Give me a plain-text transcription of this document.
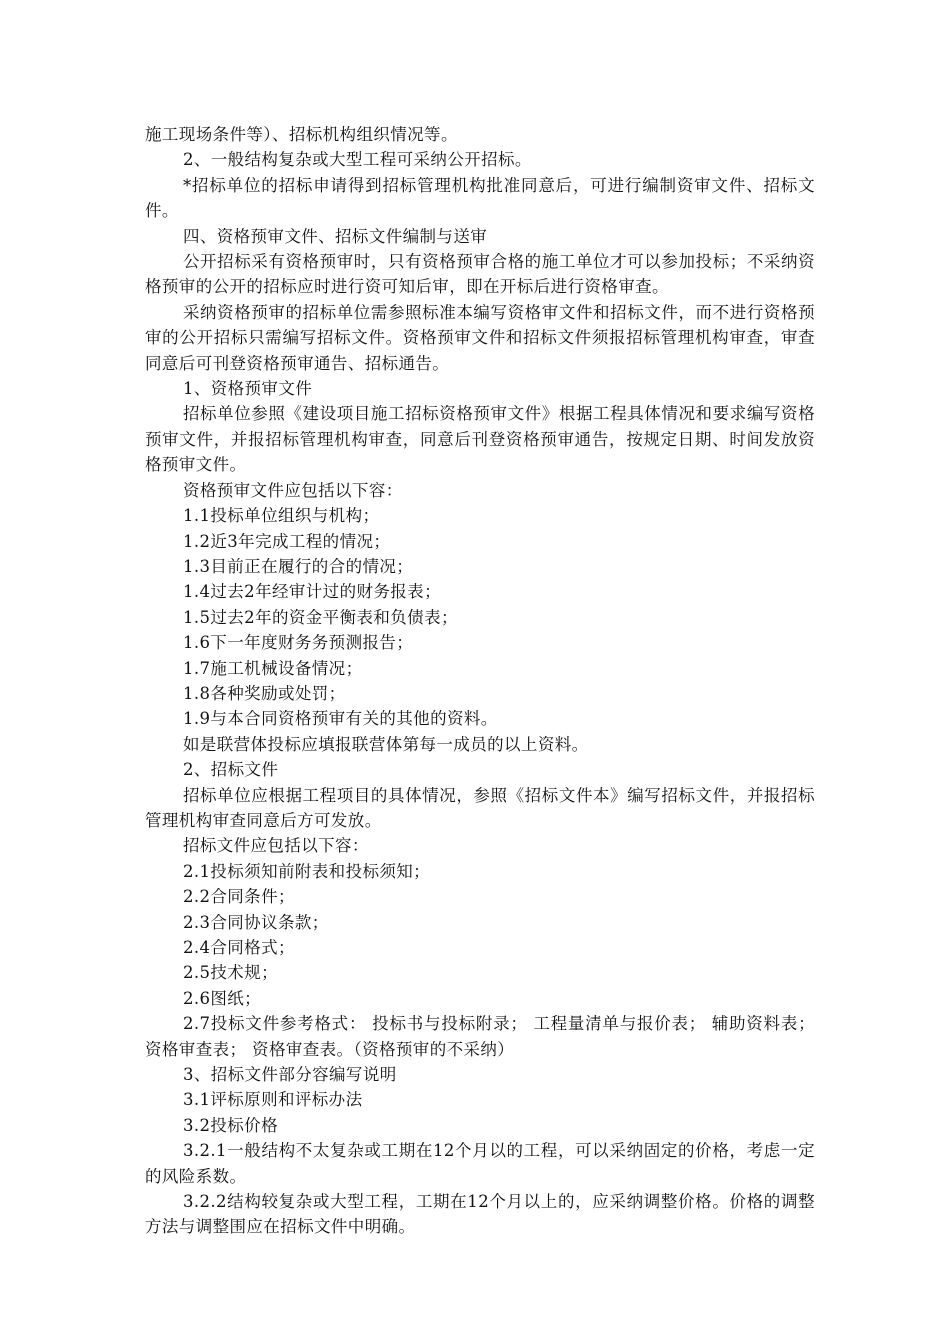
施工现场条件等）、招标机构组织情况等。

2、一般结构复杂或大型工程可采纳公开招标。

*招标单位的招标申请得到招标管理机构批准同意后，可进行编制资审文件、招标文件。

四、资格预审文件、招标文件编制与送审

公开招标采有资格预审时，只有资格预审合格的施工单位才可以参加投标；不采纳资格预审的公开的招标应时进行资可知后审，即在开标后进行资格审查。

采纳资格预审的招标单位需参照标准本编写资格审文件和招标文件，而不进行资格预审的公开招标只需编写招标文件。资格预审文件和招标文件须报招标管理机构审查，审查同意后可刊登资格预审通告、招标通告。

1、资格预审文件

招标单位参照《建设项目施工招标资格预审文件》根据工程具体情况和要求编写资格预审文件，并报招标管理机构审查，同意后刊登资格预审通告，按规定日期、时间发放资格预审文件。

资格预审文件应包括以下容：

1.1投标单位组织与机构；

1.2近3年完成工程的情况；

1.3目前正在履行的合的情况；

1.4过去2年经审计过的财务报表；

1.5过去2年的资金平衡表和负债表；

1.6下一年度财务务预测报告；

1.7施工机械设备情况；

1.8各种奖励或处罚；

1.9与本合同资格预审有关的其他的资料。

如是联营体投标应填报联营体第每一成员的以上资料。

2、招标文件

招标单位应根据工程项目的具体情况，参照《招标文件本》编写招标文件，并报招标管理机构审查同意后方可发放。

招标文件应包括以下容：

2.1投标须知前附表和投标须知；

2.2合同条件；

2.3合同协议条款；

2.4合同格式；

2.5技术规；

2.6图纸；

2.7投标文件参考格式： 投标书与投标附录； 工程量清单与报价表； 辅助资料表； 资格审查表； 资格审查表。（资格预审的不采纳）

3、招标文件部分容编写说明

3.1评标原则和评标办法

3.2投标价格

3.2.1一般结构不太复杂或工期在12个月以的工程，可以采纳固定的价格，考虑一定的风险系数。

3.2.2结构较复杂或大型工程，工期在12个月以上的，应采纳调整价格。价格的调整方法与调整围应在招标文件中明确。
